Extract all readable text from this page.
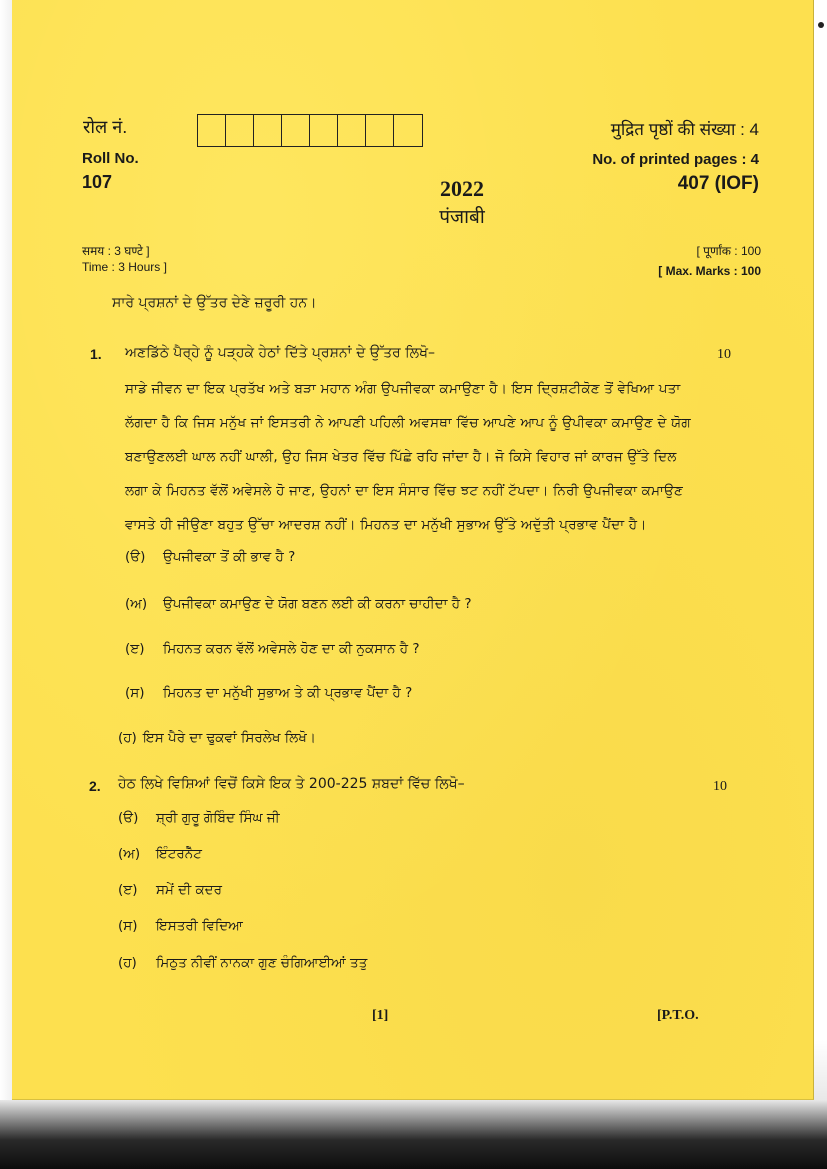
रोल नं.
Roll No.
107
मुद्रित पृष्ठों की संख्या : 4
No. of printed pages : 4
407 (IOF)
2022
पंजाबी
समय : 3 घण्टे ]
Time : 3 Hours ]
[ पूर्णांक : 100
[ Max. Marks : 100
ਸਾਰੇ ਪ੍ਰਸ਼ਨਾਂ ਦੇ ਉੱਤਰ ਦੇਣੇ ਜ਼ਰੂਰੀ ਹਨ।
1. ਅਣਡਿੱਠੇ ਪੈਰ੍ਹੇ ਨੂੰ ਪੜ੍ਹਕੇ ਹੇਠਾਂ ਦਿੱਤੇ ਪ੍ਰਸ਼ਨਾਂ ਦੇ ਉੱਤਰ ਲਿਖੋ–	10
ਸਾਡੇ ਜੀਵਨ ਦਾ ਇਕ ਪ੍ਰਤੱਖ ਅਤੇ ਬੜਾ ਮਹਾਨ ਅੰਗ ਉਪਜੀਵਕਾ ਕਮਾਉਣਾ ਹੈ। ਇਸ ਦ੍ਰਿਸ਼ਟੀਕੋਣ ਤੋਂ ਵੇਖਿਆ ਪਤਾ
ਲੱਗਦਾ ਹੈ ਕਿ ਜਿਸ ਮਨੁੱਖ ਜਾਂ ਇਸਤਰੀ ਨੇ ਆਪਣੀ ਪਹਿਲੀ ਅਵਸਥਾ ਵਿੱਚ ਆਪਣੇ ਆਪ ਨੂੰ ਉਪੀਵਕਾ ਕਮਾਉਣ ਦੇ ਯੋਗ
ਬਣਾਉਣਲਈ ਘਾਲ ਨਹੀਂ ਘਾਲੀ, ਉਹ ਜਿਸ ਖੇਤਰ ਵਿੱਚ ਪਿੱਛੇ ਰਹਿ ਜਾਂਦਾ ਹੈ। ਜੋ ਕਿਸੇ ਵਿਹਾਰ ਜਾਂ ਕਾਰਜ ਉੱਤੇ ਦਿਲ
ਲਗਾ ਕੇ ਮਿਹਨਤ ਵੱਲੋਂ ਅਵੇਸਲੇ ਹੋ ਜਾਣ, ਉਹਨਾਂ ਦਾ ਇਸ ਸੰਸਾਰ ਵਿੱਚ ਝਟ ਨਹੀਂ ਟੱਪਦਾ। ਨਿਰੀ ਉਪਜੀਵਕਾ ਕਮਾਉਣ
ਵਾਸਤੇ ਹੀ ਜੀਉਣਾ ਬਹੁਤ ਉੱਚਾ ਆਦਰਸ਼ ਨਹੀਂ। ਮਿਹਨਤ ਦਾ ਮਨੁੱਖੀ ਸੁਭਾਅ ਉੱਤੇ ਅਦੁੱਤੀ ਪ੍ਰਭਾਵ ਪੈਂਦਾ ਹੈ।
(ੳ)	ਉਪਜੀਵਕਾ ਤੋਂ ਕੀ ਭਾਵ ਹੈ ?
(ਅ)	ਉਪਜੀਵਕਾ ਕਮਾਉਣ ਦੇ ਯੋਗ ਬਣਨ ਲਈ ਕੀ ਕਰਨਾ ਚਾਹੀਦਾ ਹੈ ?
(ੲ)	ਮਿਹਨਤ ਕਰਨ ਵੱਲੋਂ ਅਵੇਸਲੇ ਹੋਣ ਦਾ ਕੀ ਨੁਕਸਾਨ ਹੈ ?
(ਸ)	ਮਿਹਨਤ ਦਾ ਮਨੁੱਖੀ ਸੁਭਾਅ ਤੇ ਕੀ ਪ੍ਰਭਾਵ ਪੈਂਦਾ ਹੈ ?
(ਹ) ਇਸ ਪੈਰੇ ਦਾ ਢੁਕਵਾਂ ਸਿਰਲੇਖ ਲਿਖੋ।
2. ਹੇਠ ਲਿਖੇ ਵਿਸ਼ਿਆਂ ਵਿਚੋਂ ਕਿਸੇ ਇਕ ਤੇ 200-225 ਸ਼ਬਦਾਂ ਵਿੱਚ ਲਿਖੋ–	10
(ੳ)	ਸ਼੍ਰੀ ਗੁਰੂ ਗੋਬਿੰਦ ਸਿੰਘ ਜੀ
(ਅ)	ਇੰਟਰਨੈੱਟ
(ੲ)	ਸਮੇਂ ਦੀ ਕਦਰ
(ਸ)	ਇਸਤਰੀ ਵਿਦਿਆ
(ਹ)	ਮਿਠੁਤ ਨੀਵੀਂ ਨਾਨਕਾ ਗੁਣ ਚੰਗਿਆਈਆਂ ਤਤੁ
[1]	[P.T.O.
